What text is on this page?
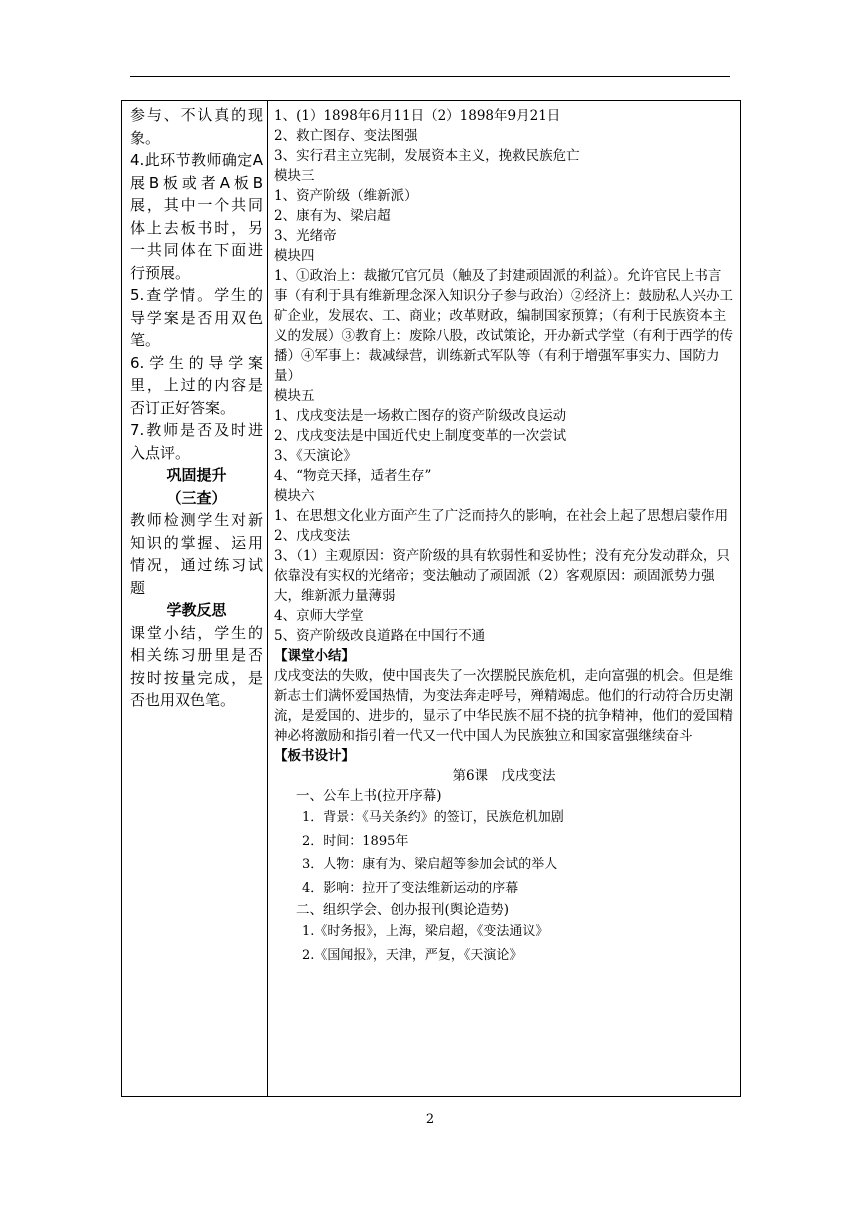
参与、不认真的现象。

4.此环节教师确定A展B板或者A板B展，其中一个共同体上去板书时，另一共同体在下面进行预展。

5.查学情。学生的导学案是否用双色笔。

6.学生的导学案里，上过的内容是否订正好答案。

7.教师是否及时进入点评。

巩固提升

（三查）

教师检测学生对新知识的掌握、运用情况，通过练习试题

学教反思

课堂小结，学生的相关练习册里是否按时按量完成，是否也用双色笔。

1、(1）1898年6月11日（2）1898年9月21日

2、救亡图存、变法图强

3、实行君主立宪制，发展资本主义，挽救民族危亡

模块三

1、资产阶级（维新派）

2、康有为、梁启超

3、光绪帝

模块四

1、①政治上：裁撤冗官冗员（触及了封建顽固派的利益）。允许官民上书言事（有利于具有维新理念深入知识分子参与政治）②经济上：鼓励私人兴办工矿企业，发展农、工、商业；改革财政，编制国家预算；（有利于民族资本主义的发展）③教育上：废除八股，改试策论，开办新式学堂（有利于西学的传播）④军事上：裁减绿营，训练新式军队等（有利于增强军事实力、国防力量）

模块五

1、戊戌变法是一场救亡图存的资产阶级改良运动

2、戊戌变法是中国近代史上制度变革的一次尝试

3、《天演论》

4、“物竞天择，适者生存”

模块六

1、在思想文化业方面产生了广泛而持久的影响，在社会上起了思想启蒙作用

2、戊戌变法

3、（1）主观原因：资产阶级的具有软弱性和妥协性；没有充分发动群众，只依靠没有实权的光绪帝；变法触动了顽固派（2）客观原因：顽固派势力强大，维新派力量薄弱

4、京师大学堂

5、资产阶级改良道路在中国行不通

【课堂小结】

戊戌变法的失败，使中国丧失了一次摆脱民族危机，走向富强的机会。但是维新志士们满怀爱国热情，为变法奔走呼号，殚精竭虑。他们的行动符合历史潮流，是爱国的、进步的，显示了中华民族不屈不挠的抗争精神，他们的爱国精神必将激励和指引着一代又一代中国人为民族独立和国家富强继续奋斗

【板书设计】

第6课　戊戌变法

一、公车上书(拉开序幕)

1．背景：《马关条约》的签订，民族危机加剧

2．时间：1895年

3．人物：康有为、梁启超等参加会试的举人

4．影响：拉开了变法维新运动的序幕

二、组织学会、创办报刊(舆论造势)

1.《时务报》，上海，梁启超，《变法通议》

2.《国闻报》，天津，严复，《天演论》

2
